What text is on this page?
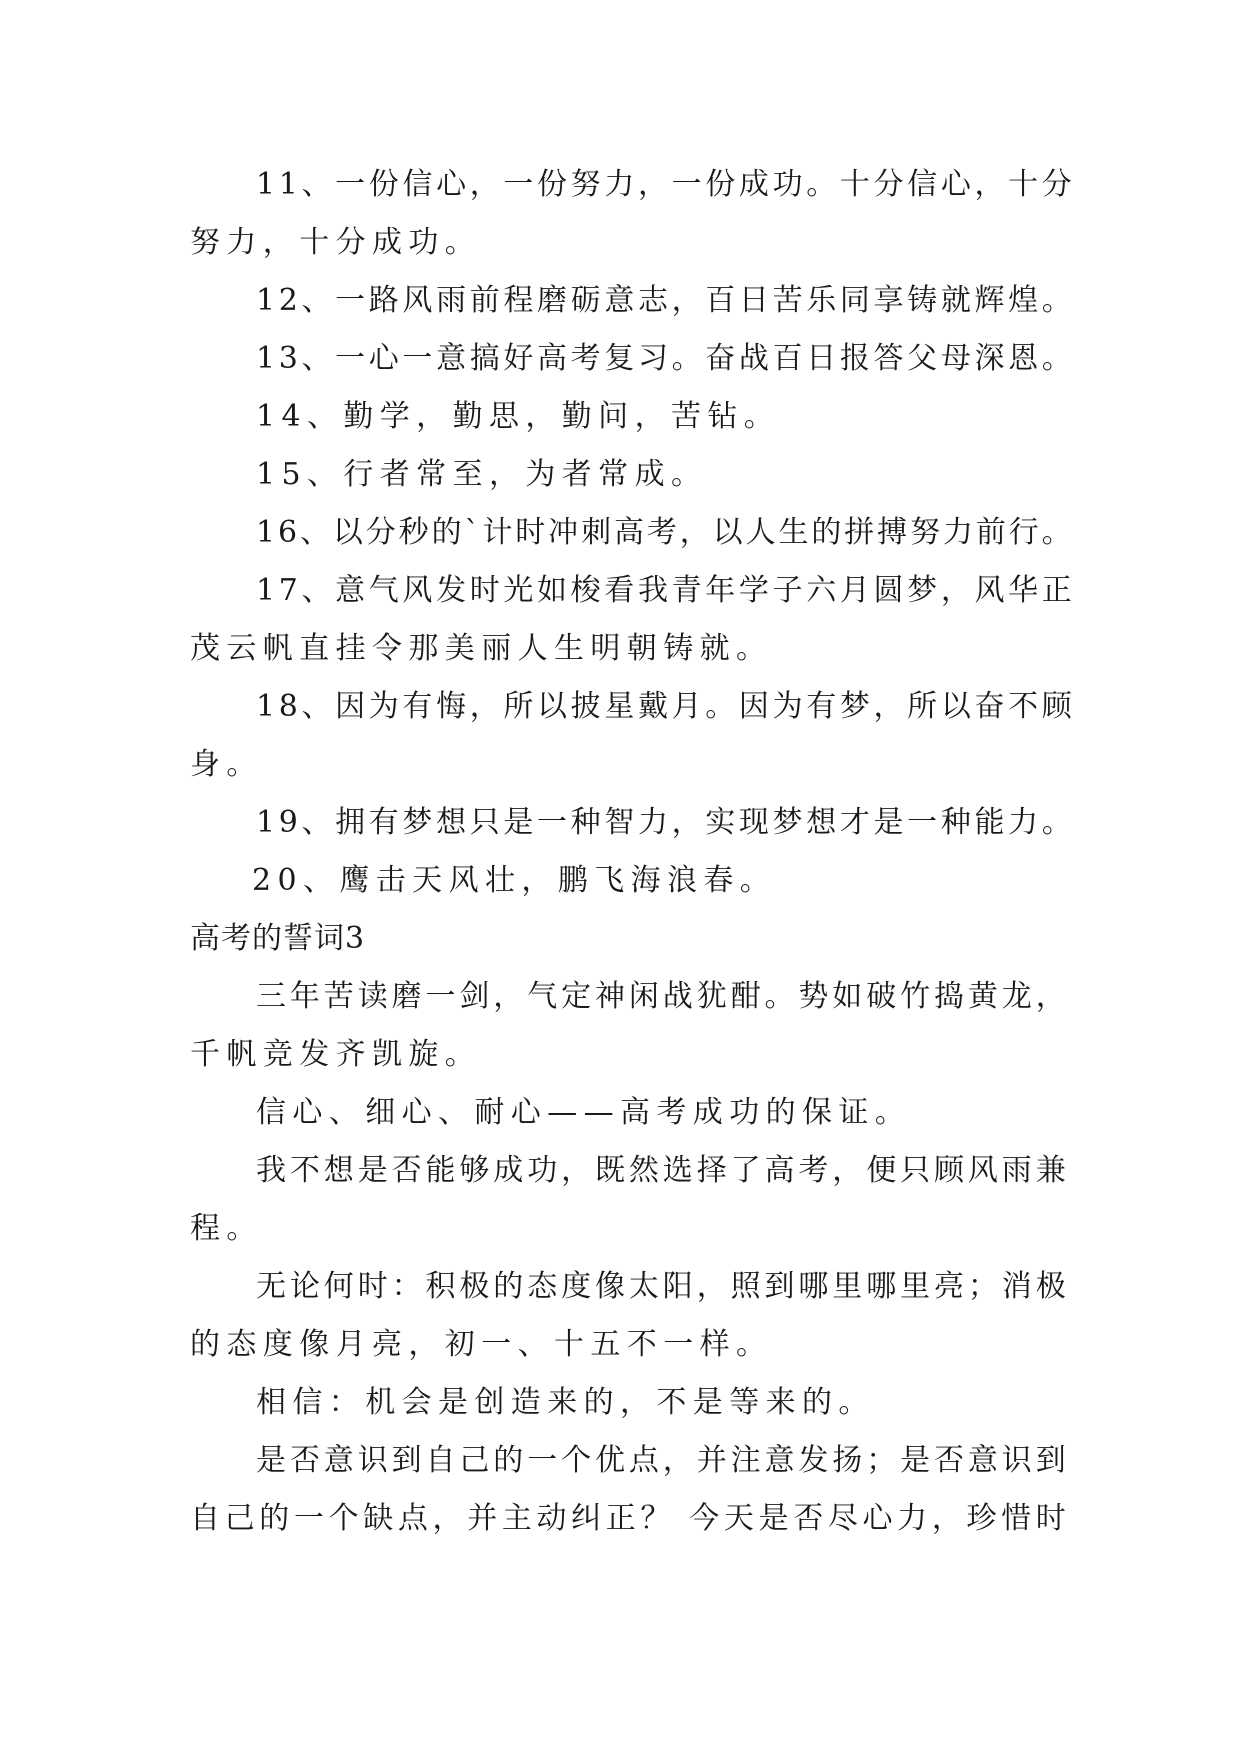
11、一份信心，一份努力，一份成功。十分信心，十分
努力，十分成功。
12、一路风雨前程磨砺意志，百日苦乐同享铸就辉煌。
13、一心一意搞好高考复习。奋战百日报答父母深恩。
14、勤学，勤思，勤问，苦钻。
15、行者常至，为者常成。
16、以分秒的`计时冲刺高考，以人生的拼搏努力前行。
17、意气风发时光如梭看我青年学子六月圆梦，风华正
茂云帆直挂令那美丽人生明朝铸就。
18、因为有悔，所以披星戴月。因为有梦，所以奋不顾
身。
19、拥有梦想只是一种智力，实现梦想才是一种能力。
20、鹰击天风壮，鹏飞海浪春。
高考的誓词3
三年苦读磨一剑，气定神闲战犹酣。势如破竹捣黄龙，
千帆竞发齐凯旋。
信心、细心、耐心——高考成功的保证。
我不想是否能够成功，既然选择了高考，便只顾风雨兼
程。
无论何时：积极的态度像太阳，照到哪里哪里亮；消极
的态度像月亮，初一、十五不一样。
相信：机会是创造来的，不是等来的。
是否意识到自己的一个优点，并注意发扬；是否意识到
自己的一个缺点，并主动纠正？ 今天是否尽心力，珍惜时
